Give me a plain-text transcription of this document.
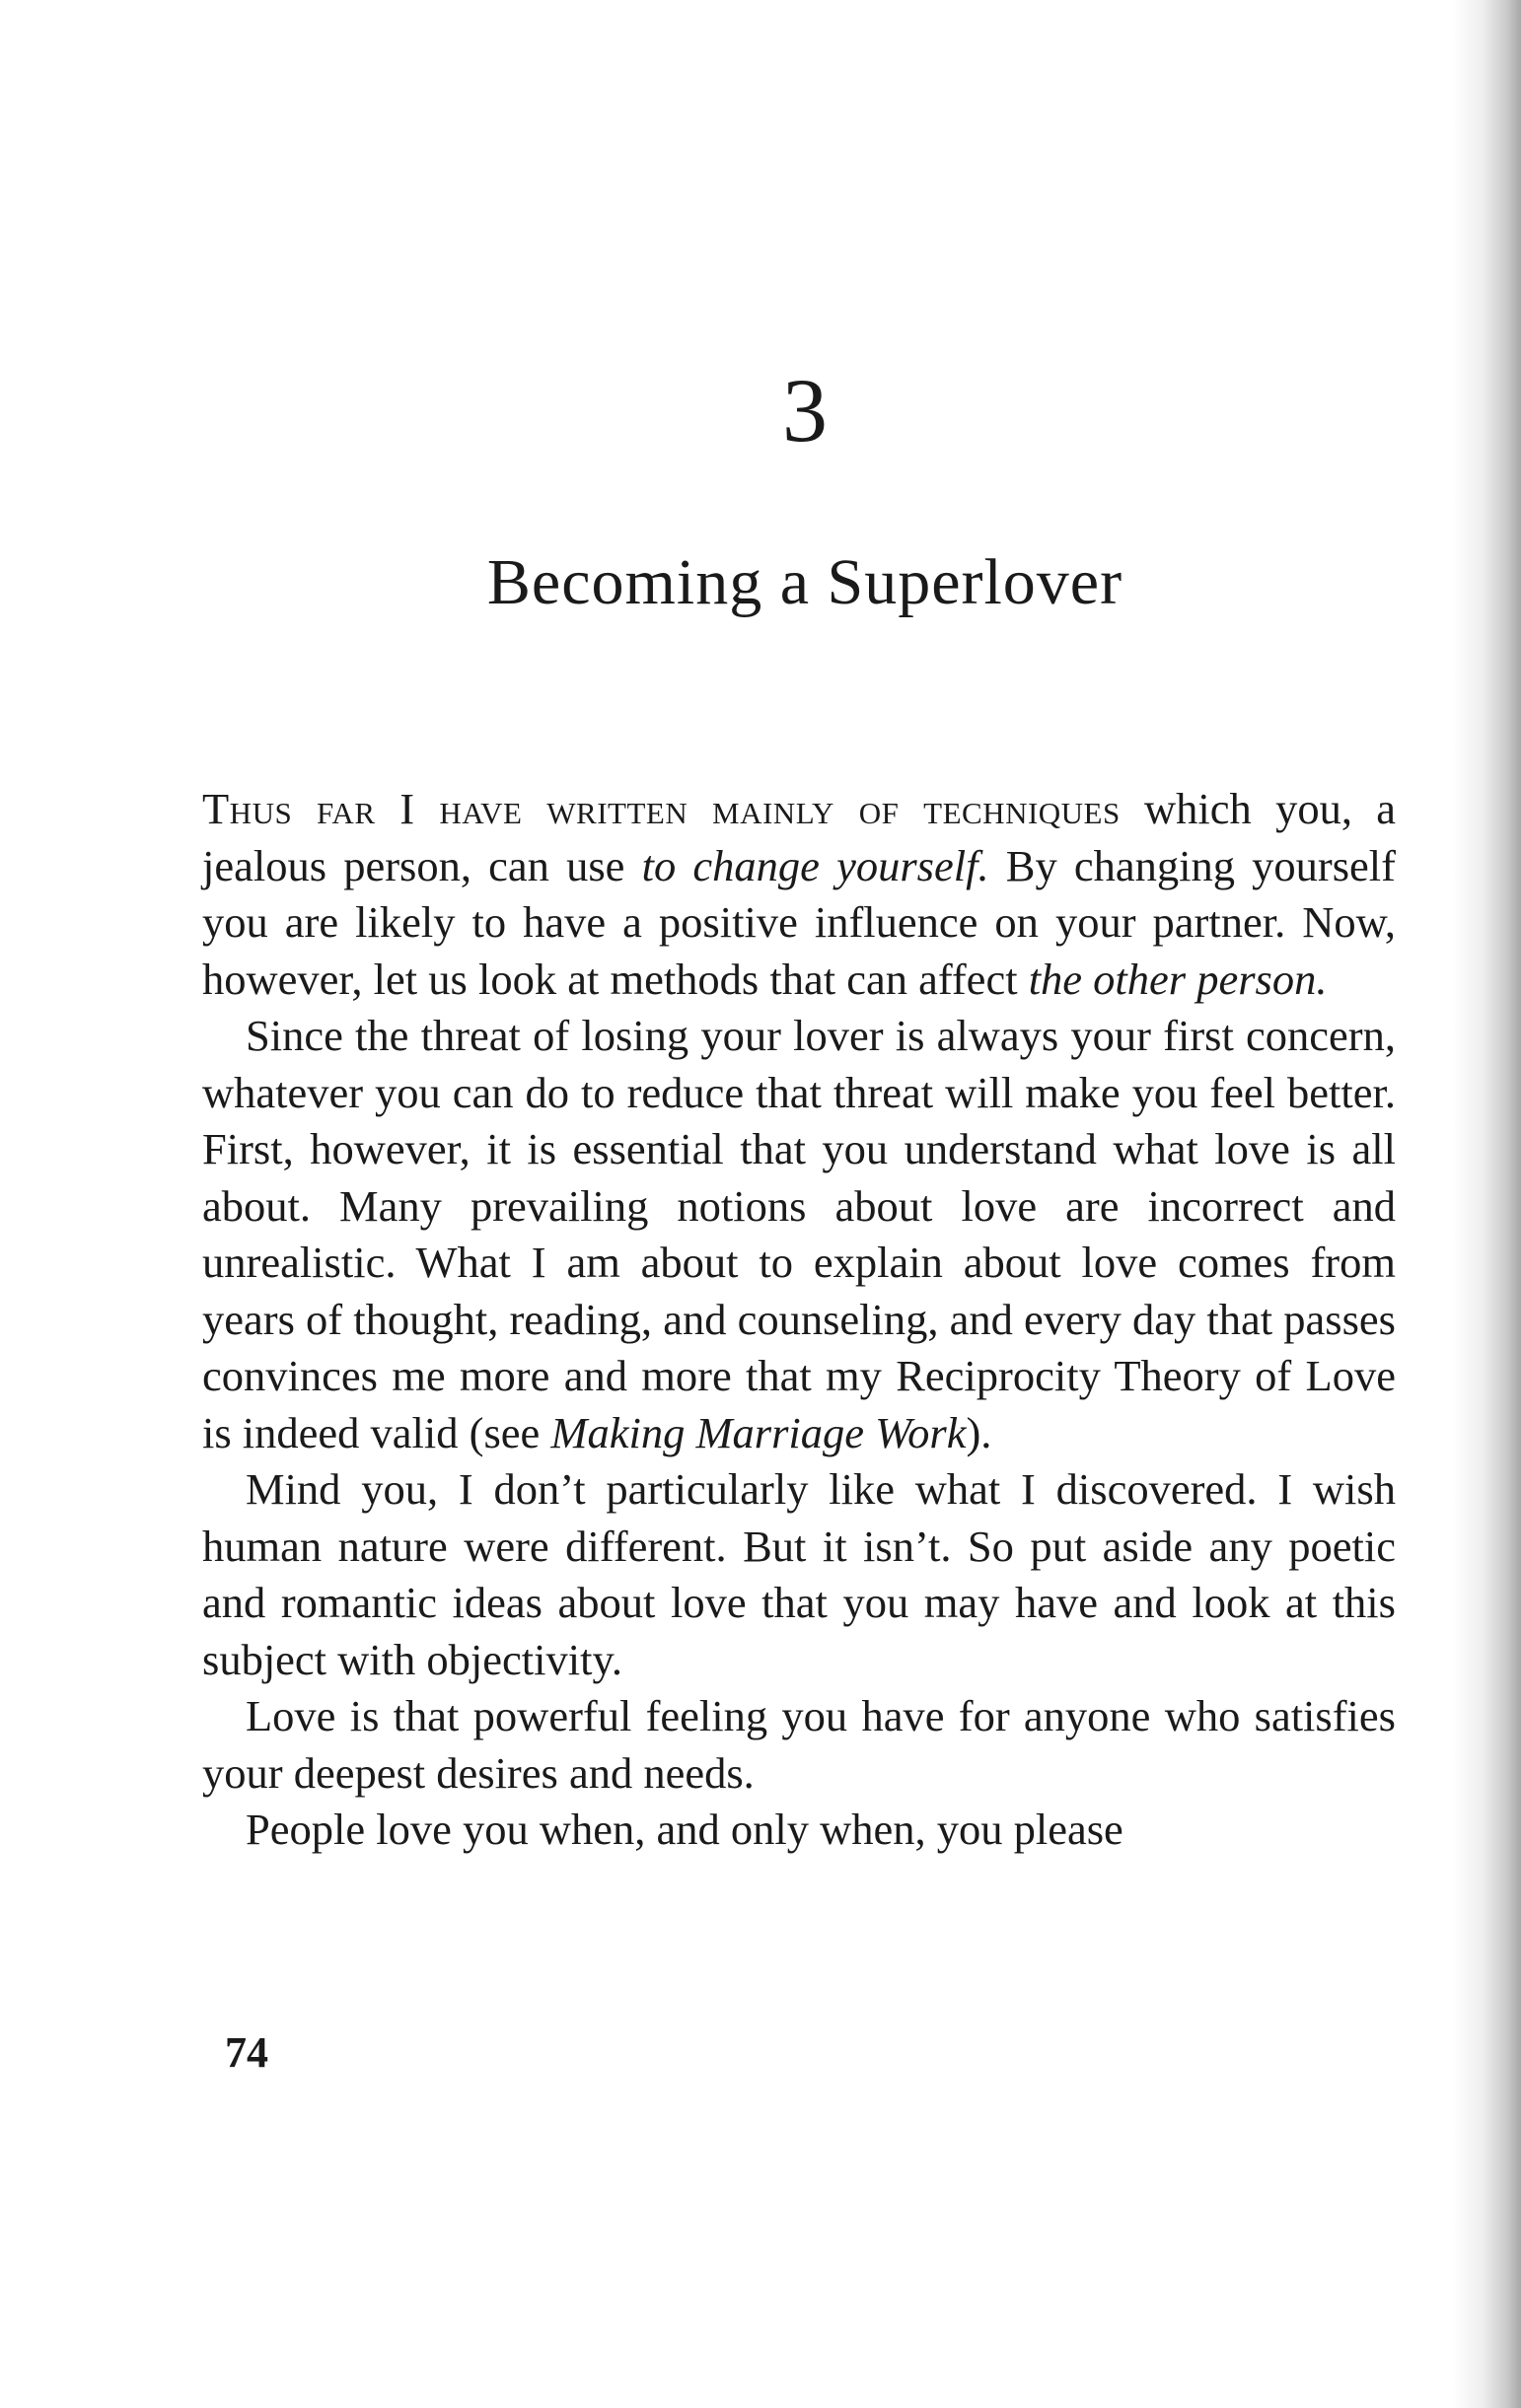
3
Becoming a Superlover

Thus far I have written mainly of techniques which you, a jealous person, can use to change yourself. By changing yourself you are likely to have a positive influence on your partner. Now, however, let us look at methods that can affect the other person.

Since the threat of losing your lover is always your first concern, whatever you can do to reduce that threat will make you feel better. First, however, it is essential that you understand what love is all about. Many prevailing notions about love are incorrect and unrealistic. What I am about to explain about love comes from years of thought, reading, and counseling, and every day that passes convinces me more and more that my Reciprocity Theory of Love is indeed valid (see Making Marriage Work).

Mind you, I don’t particularly like what I discovered. I wish human nature were different. But it isn’t. So put aside any poetic and romantic ideas about love that you may have and look at this subject with objectivity.

Love is that powerful feeling you have for anyone who satisfies your deepest desires and needs.

People love you when, and only when, you please

74
